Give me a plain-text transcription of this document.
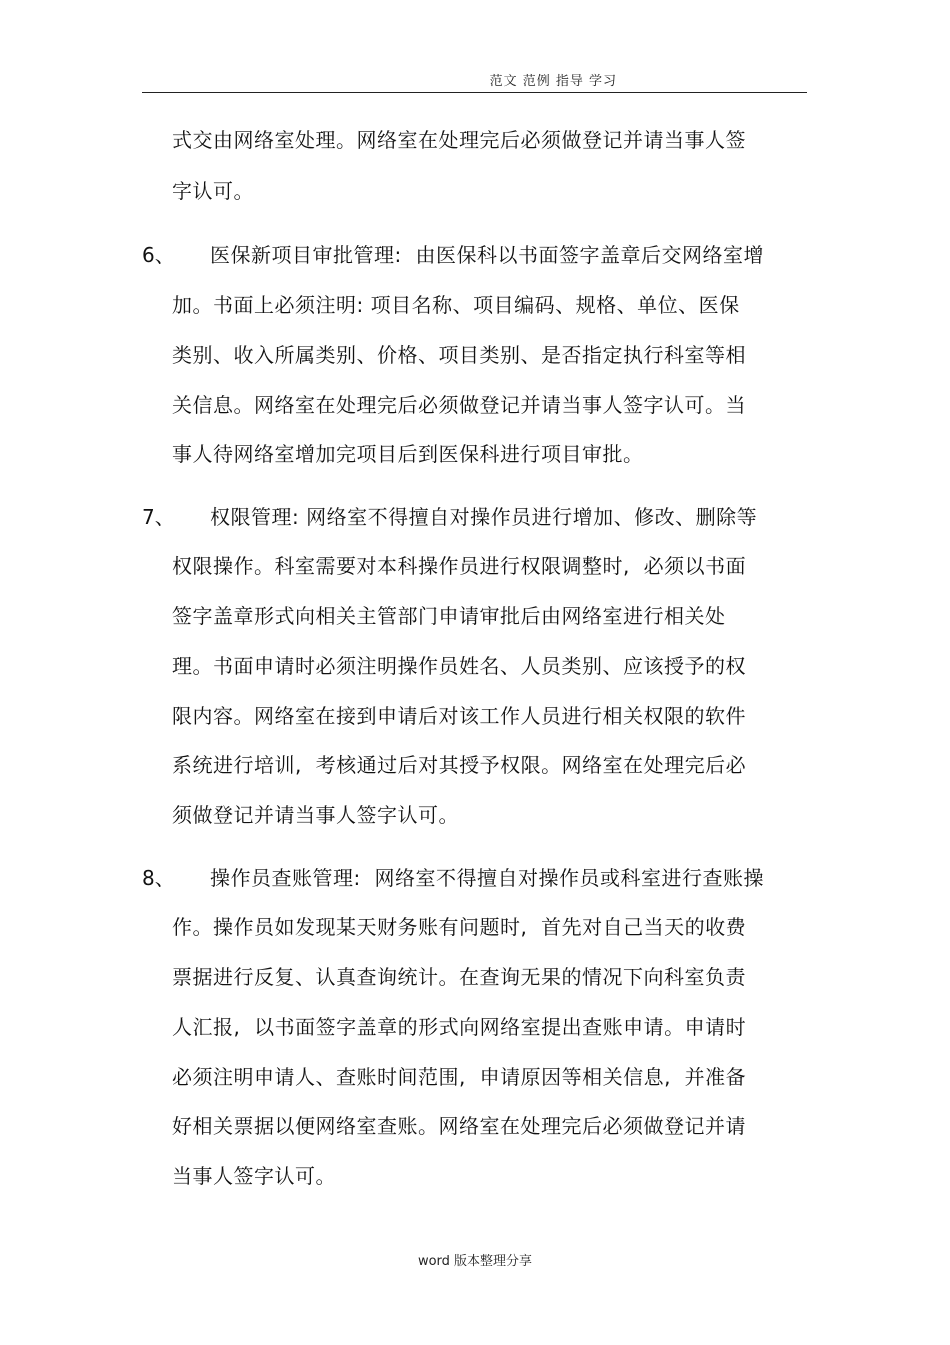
范文 范例 指导 学习
式交由网络室处理。网络室在处理完后必须做登记并请当事人签
字认可。
6、 医保新项目审批管理:  由医保科以书面签字盖章后交网络室增
加。书面上必须注明: 项目名称、项目编码、规格、单位、医保
类别、收入所属类别、价格、项目类别、是否指定执行科室等相
关信息。网络室在处理完后必须做登记并请当事人签字认可。当
事人待网络室增加完项目后到医保科进行项目审批。
7、 权限管理: 网络室不得擅自对操作员进行增加、修改、删除等
权限操作。科室需要对本科操作员进行权限调整时,  必须以书面
签字盖章形式向相关主管部门申请审批后由网络室进行相关处
理。书面申请时必须注明操作员姓名、人员类别、应该授予的权
限内容。网络室在接到申请后对该工作人员进行相关权限的软件
系统进行培训,  考核通过后对其授予权限。网络室在处理完后必
须做登记并请当事人签字认可。
8、 操作员查账管理:  网络室不得擅自对操作员或科室进行查账操
作。操作员如发现某天财务账有问题时,  首先对自己当天的收费
票据进行反复、认真查询统计。在查询无果的情况下向科室负责
人汇报,  以书面签字盖章的形式向网络室提出查账申请。申请时
必须注明申请人、查账时间范围,  申请原因等相关信息,  并准备
好相关票据以便网络室查账。网络室在处理完后必须做登记并请
当事人签字认可。
word 版本整理分享
